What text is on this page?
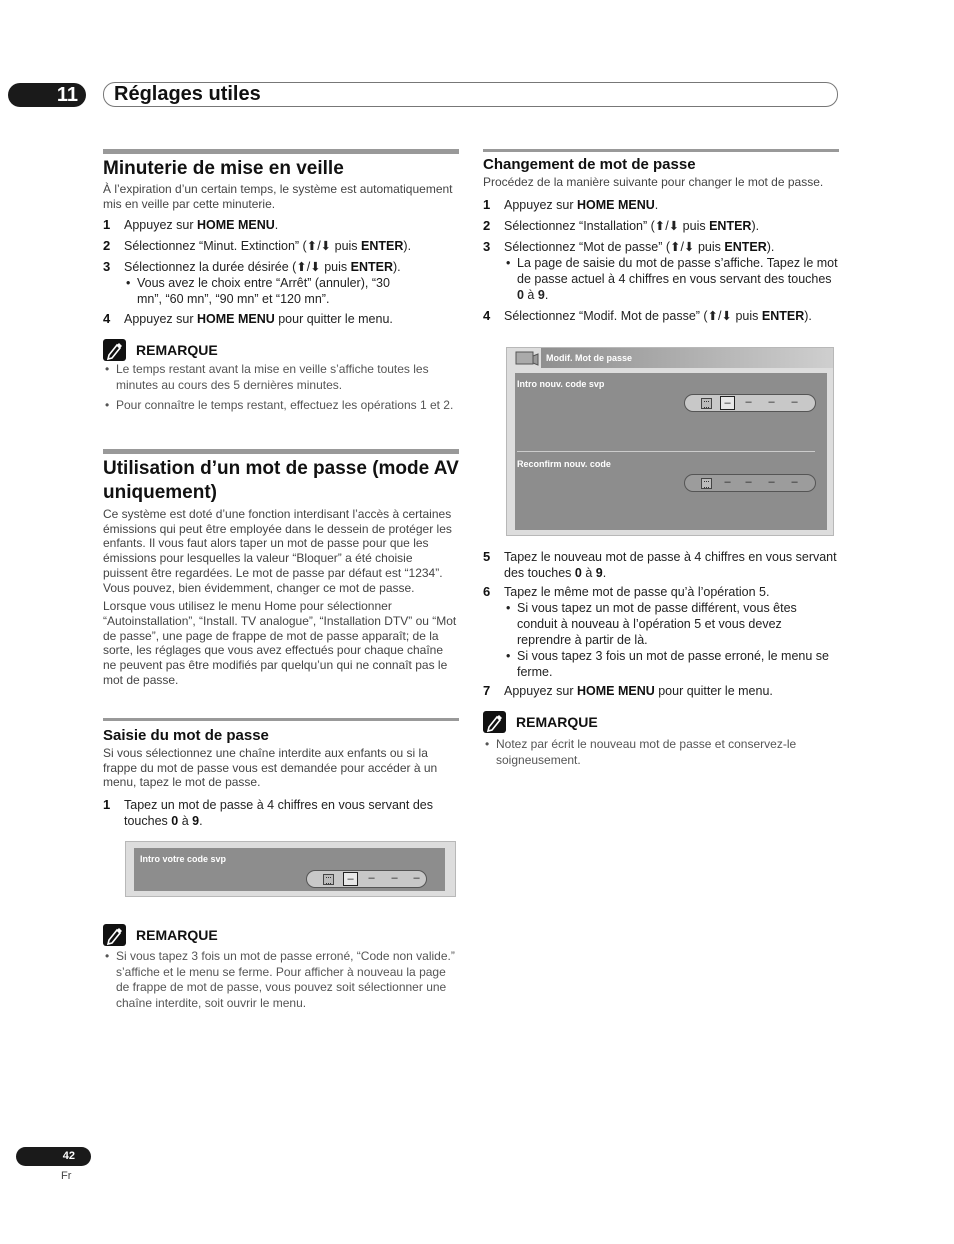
11	Réglages utiles
Minuterie de mise en veille

À l’expiration d’un certain temps, le système est automatiquement mis en veille par cette minuterie.

1 Appuyez sur HOME MENU.
2 Sélectionnez “Minut. Extinction” (⬆/⬇ puis ENTER).
3 Sélectionnez la durée désirée (⬆/⬇ puis ENTER).
• Vous avez le choix entre “Arrêt” (annuler), “30 mn”, “60 mn”, “90 mn” et “120 mn”.
4 Appuyez sur HOME MENU pour quitter le menu.
REMARQUE
• Le temps restant avant la mise en veille s’affiche toutes les minutes au cours des 5 dernières minutes.
• Pour connaître le temps restant, effectuez les opérations 1 et 2.
Utilisation d’un mot de passe (mode AV uniquement)

Ce système est doté d’une fonction interdisant l’accès à certaines émissions qui peut être employée dans le dessein de protéger les enfants. Il vous faut alors taper un mot de passe pour que les émissions pour lesquelles la valeur “Bloquer” a été choisie puissent être regardées. Le mot de passe par défaut est “1234”. Vous pouvez, bien évidemment, changer ce mot de passe.

Lorsque vous utilisez le menu Home pour sélectionner “Autoinstallation”, “Install. TV analogue”, “Installation DTV” ou “Mot de passe”, une page de frappe de mot de passe apparaît; de la sorte, les réglages que vous avez effectués pour chaque chaîne ne peuvent pas être modifiés par quelqu’un qui ne connaît pas le mot de passe.

Saisie du mot de passe

Si vous sélectionnez une chaîne interdite aux enfants ou si la frappe du mot de passe vous est demandée pour accéder à un menu, tapez le mot de passe.

1 Tapez un mot de passe à 4 chiffres en vous servant des touches 0 à 9.
Intro votre code svp
–	–	–	–
REMARQUE
• Si vous tapez 3 fois un mot de passe erroné, “Code non valide.” s’affiche et le menu se ferme. Pour afficher à nouveau la page de frappe de mot de passe, vous pouvez soit sélectionner une chaîne interdite, soit ouvrir le menu.
Changement de mot de passe

Procédez de la manière suivante pour changer le mot de passe.

1 Appuyez sur HOME MENU.
2 Sélectionnez “Installation” (⬆/⬇ puis ENTER).
3 Sélectionnez “Mot de passe” (⬆/⬇ puis ENTER).
• La page de saisie du mot de passe s’affiche. Tapez le mot de passe actuel à 4 chiffres en vous servant des touches 0 à 9.
4 Sélectionnez “Modif. Mot de passe” (⬆/⬇ puis ENTER).
Modif. Mot de passe
Intro nouv. code svp
–	–	–	–
Reconfirm nouv. code
–	–	–	–
5 Tapez le nouveau mot de passe à 4 chiffres en vous servant des touches 0 à 9.
6 Tapez le même mot de passe qu’à l’opération 5.
• Si vous tapez un mot de passe différent, vous êtes conduit à nouveau à l’opération 5 et vous devez reprendre à partir de là.
• Si vous tapez 3 fois un mot de passe erroné, le menu se ferme.
7 Appuyez sur HOME MENU pour quitter le menu.
REMARQUE
• Notez par écrit le nouveau mot de passe et conservez-le soigneusement.
42
Fr
